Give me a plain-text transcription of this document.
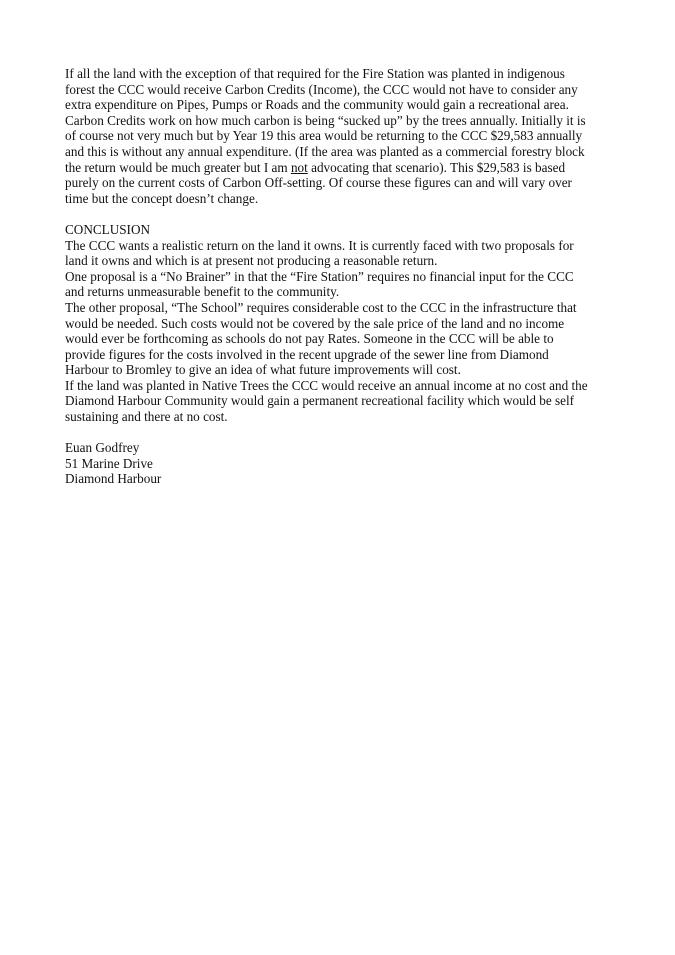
If all the land with the exception of that required for the Fire Station was planted in indigenous
forest the CCC would receive Carbon Credits (Income), the CCC would not have to consider any
extra expenditure on Pipes, Pumps or Roads and the community would gain a recreational area.
Carbon Credits work on how much carbon is being “sucked up” by the trees annually. Initially it is
of course not very much but by Year 19 this area would be returning to the CCC $29,583 annually
and this is without any annual expenditure. (If the area was planted as a commercial forestry block
the return would be much greater but I am not advocating that scenario). This $29,583 is based
purely on the current costs of Carbon Off-setting. Of course these figures can and will vary over
time but the concept doesn’t change.

CONCLUSION

The CCC wants a realistic return on the land it owns. It is currently faced with two proposals for
land it owns and which is at present not producing a reasonable return.

One proposal is a “No Brainer” in that the “Fire Station” requires no financial input for the CCC
and returns unmeasurable benefit to the community.

The other proposal, “The School” requires considerable cost to the CCC in the infrastructure that
would be needed. Such costs would not be covered by the sale price of the land and no income
would ever be forthcoming as schools do not pay Rates. Someone in the CCC will be able to
provide figures for the costs involved in the recent upgrade of the sewer line from Diamond
Harbour to Bromley to give an idea of what future improvements will cost.

If the land was planted in Native Trees the CCC would receive an annual income at no cost and the
Diamond Harbour Community would gain a permanent recreational facility which would be self
sustaining and there at no cost.

Euan Godfrey

51 Marine Drive

Diamond Harbour
